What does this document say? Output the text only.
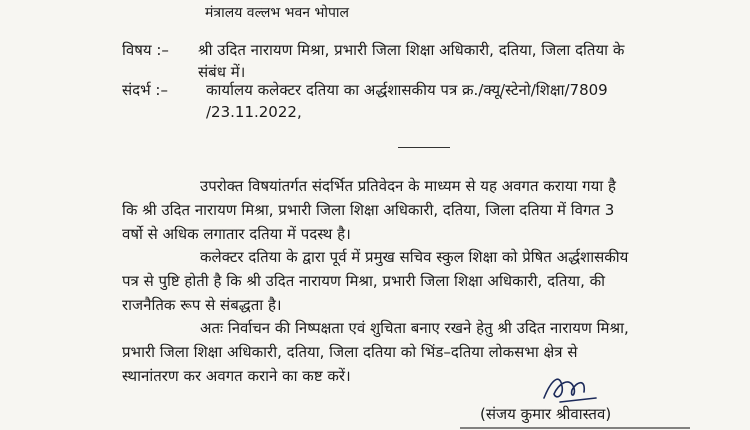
मंत्रालय वल्लभ भवन भोपाल
विषय :– श्री उदित नारायण मिश्रा, प्रभारी जिला शिक्षा अधिकारी, दतिया, जिला दतिया के
संबंध में।
संदर्भ :–	कार्यालय कलेक्टर दतिया का अर्द्धशासकीय पत्र क्र./क्यू/स्टेनो/शिक्षा/7809
/23.11.2022,
उपरोक्त विषयांतर्गत संदर्भित प्रतिवेदन के माध्यम से यह अवगत कराया गया है
कि श्री उदित नारायण मिश्रा, प्रभारी जिला शिक्षा अधिकारी, दतिया, जिला दतिया में विगत 3
वर्षो से अधिक लगातार दतिया में पदस्थ है।
कलेक्टर दतिया के द्वारा पूर्व में प्रमुख सचिव स्कुल शिक्षा को प्रेषित अर्द्धशासकीय
पत्र से पुष्टि होती है कि श्री उदित नारायण मिश्रा, प्रभारी जिला शिक्षा अधिकारी, दतिया, की
राजनैतिक रूप से संबद्धता है।
अतः निर्वाचन की निष्पक्षता एवं शुचिता बनाए रखने हेतु श्री उदित नारायण मिश्रा,
प्रभारी जिला शिक्षा अधिकारी, दतिया, जिला दतिया को भिंड–दतिया लोकसभा क्षेत्र से
स्थानांतरण कर अवगत कराने का कष्ट करें।
(संजय कुमार श्रीवास्तव)
